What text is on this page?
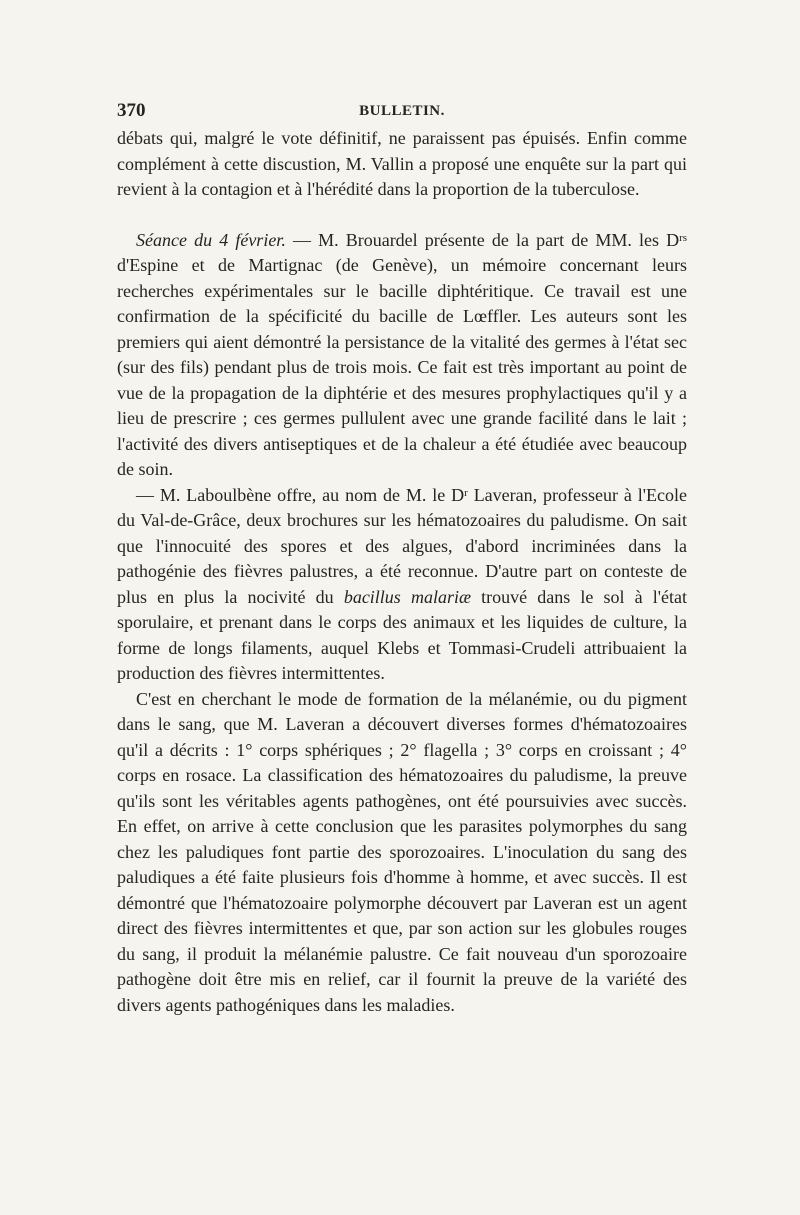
370	BULLETIN.

débats qui, malgré le vote définitif, ne paraissent pas épuisés. Enfin comme complément à cette discustion, M. Vallin a proposé une enquête sur la part qui revient à la contagion et à l'hérédité dans la proportion de la tuberculose.

Séance du 4 février. — M. Brouardel présente de la part de MM. les $D^{rs}$ d'Espine et de Martignac (de Genève), un mémoire concernant leurs recherches expérimentales sur le bacille diphtéritique. Ce travail est une confirmation de la spécificité du bacille de Lœffler. Les auteurs sont les premiers qui aient démontré la persistance de la vitalité des germes à l'état sec (sur des fils) pendant plus de trois mois. Ce fait est très important au point de vue de la propagation de la diphtérie et des mesures prophylactiques qu'il y a lieu de prescrire ; ces germes pullulent avec une grande facilité dans le lait ; l'activité des divers antiseptiques et de la chaleur a été étudiée avec beaucoup de soin.

— M. Laboulbène offre, au nom de M. le $D^r$ Laveran, professeur à l'Ecole du Val-de-Grâce, deux brochures sur les hématozoaires du paludisme. On sait que l'innocuité des spores et des algues, d'abord incriminées dans la pathogénie des fièvres palustres, a été reconnue. D'autre part on conteste de plus en plus la nocivité du bacillus malariæ trouvé dans le sol à l'état sporulaire, et prenant dans le corps des animaux et les liquides de culture, la forme de longs filaments, auquel Klebs et Tommasi-Crudeli attribuaient la production des fièvres intermittentes.

C'est en cherchant le mode de formation de la mélanémie, ou du pigment dans le sang, que M. Laveran a découvert diverses formes d'hématozoaires qu'il a décrits : 1° corps sphériques ; 2° flagella ; 3° corps en croissant ; 4° corps en rosace. La classification des hématozoaires du paludisme, la preuve qu'ils sont les véritables agents pathogènes, ont été poursuivies avec succès. En effet, on arrive à cette conclusion que les parasites polymorphes du sang chez les paludiques font partie des sporozoaires. L'inoculation du sang des paludiques a été faite plusieurs fois d'homme à homme, et avec succès. Il est démontré que l'hématozoaire polymorphe découvert par Laveran est un agent direct des fièvres intermittentes et que, par son action sur les globules rouges du sang, il produit la mélanémie palustre. Ce fait nouveau d'un sporozoaire pathogène doit être mis en relief, car il fournit la preuve de la variété des divers agents pathogéniques dans les maladies.
